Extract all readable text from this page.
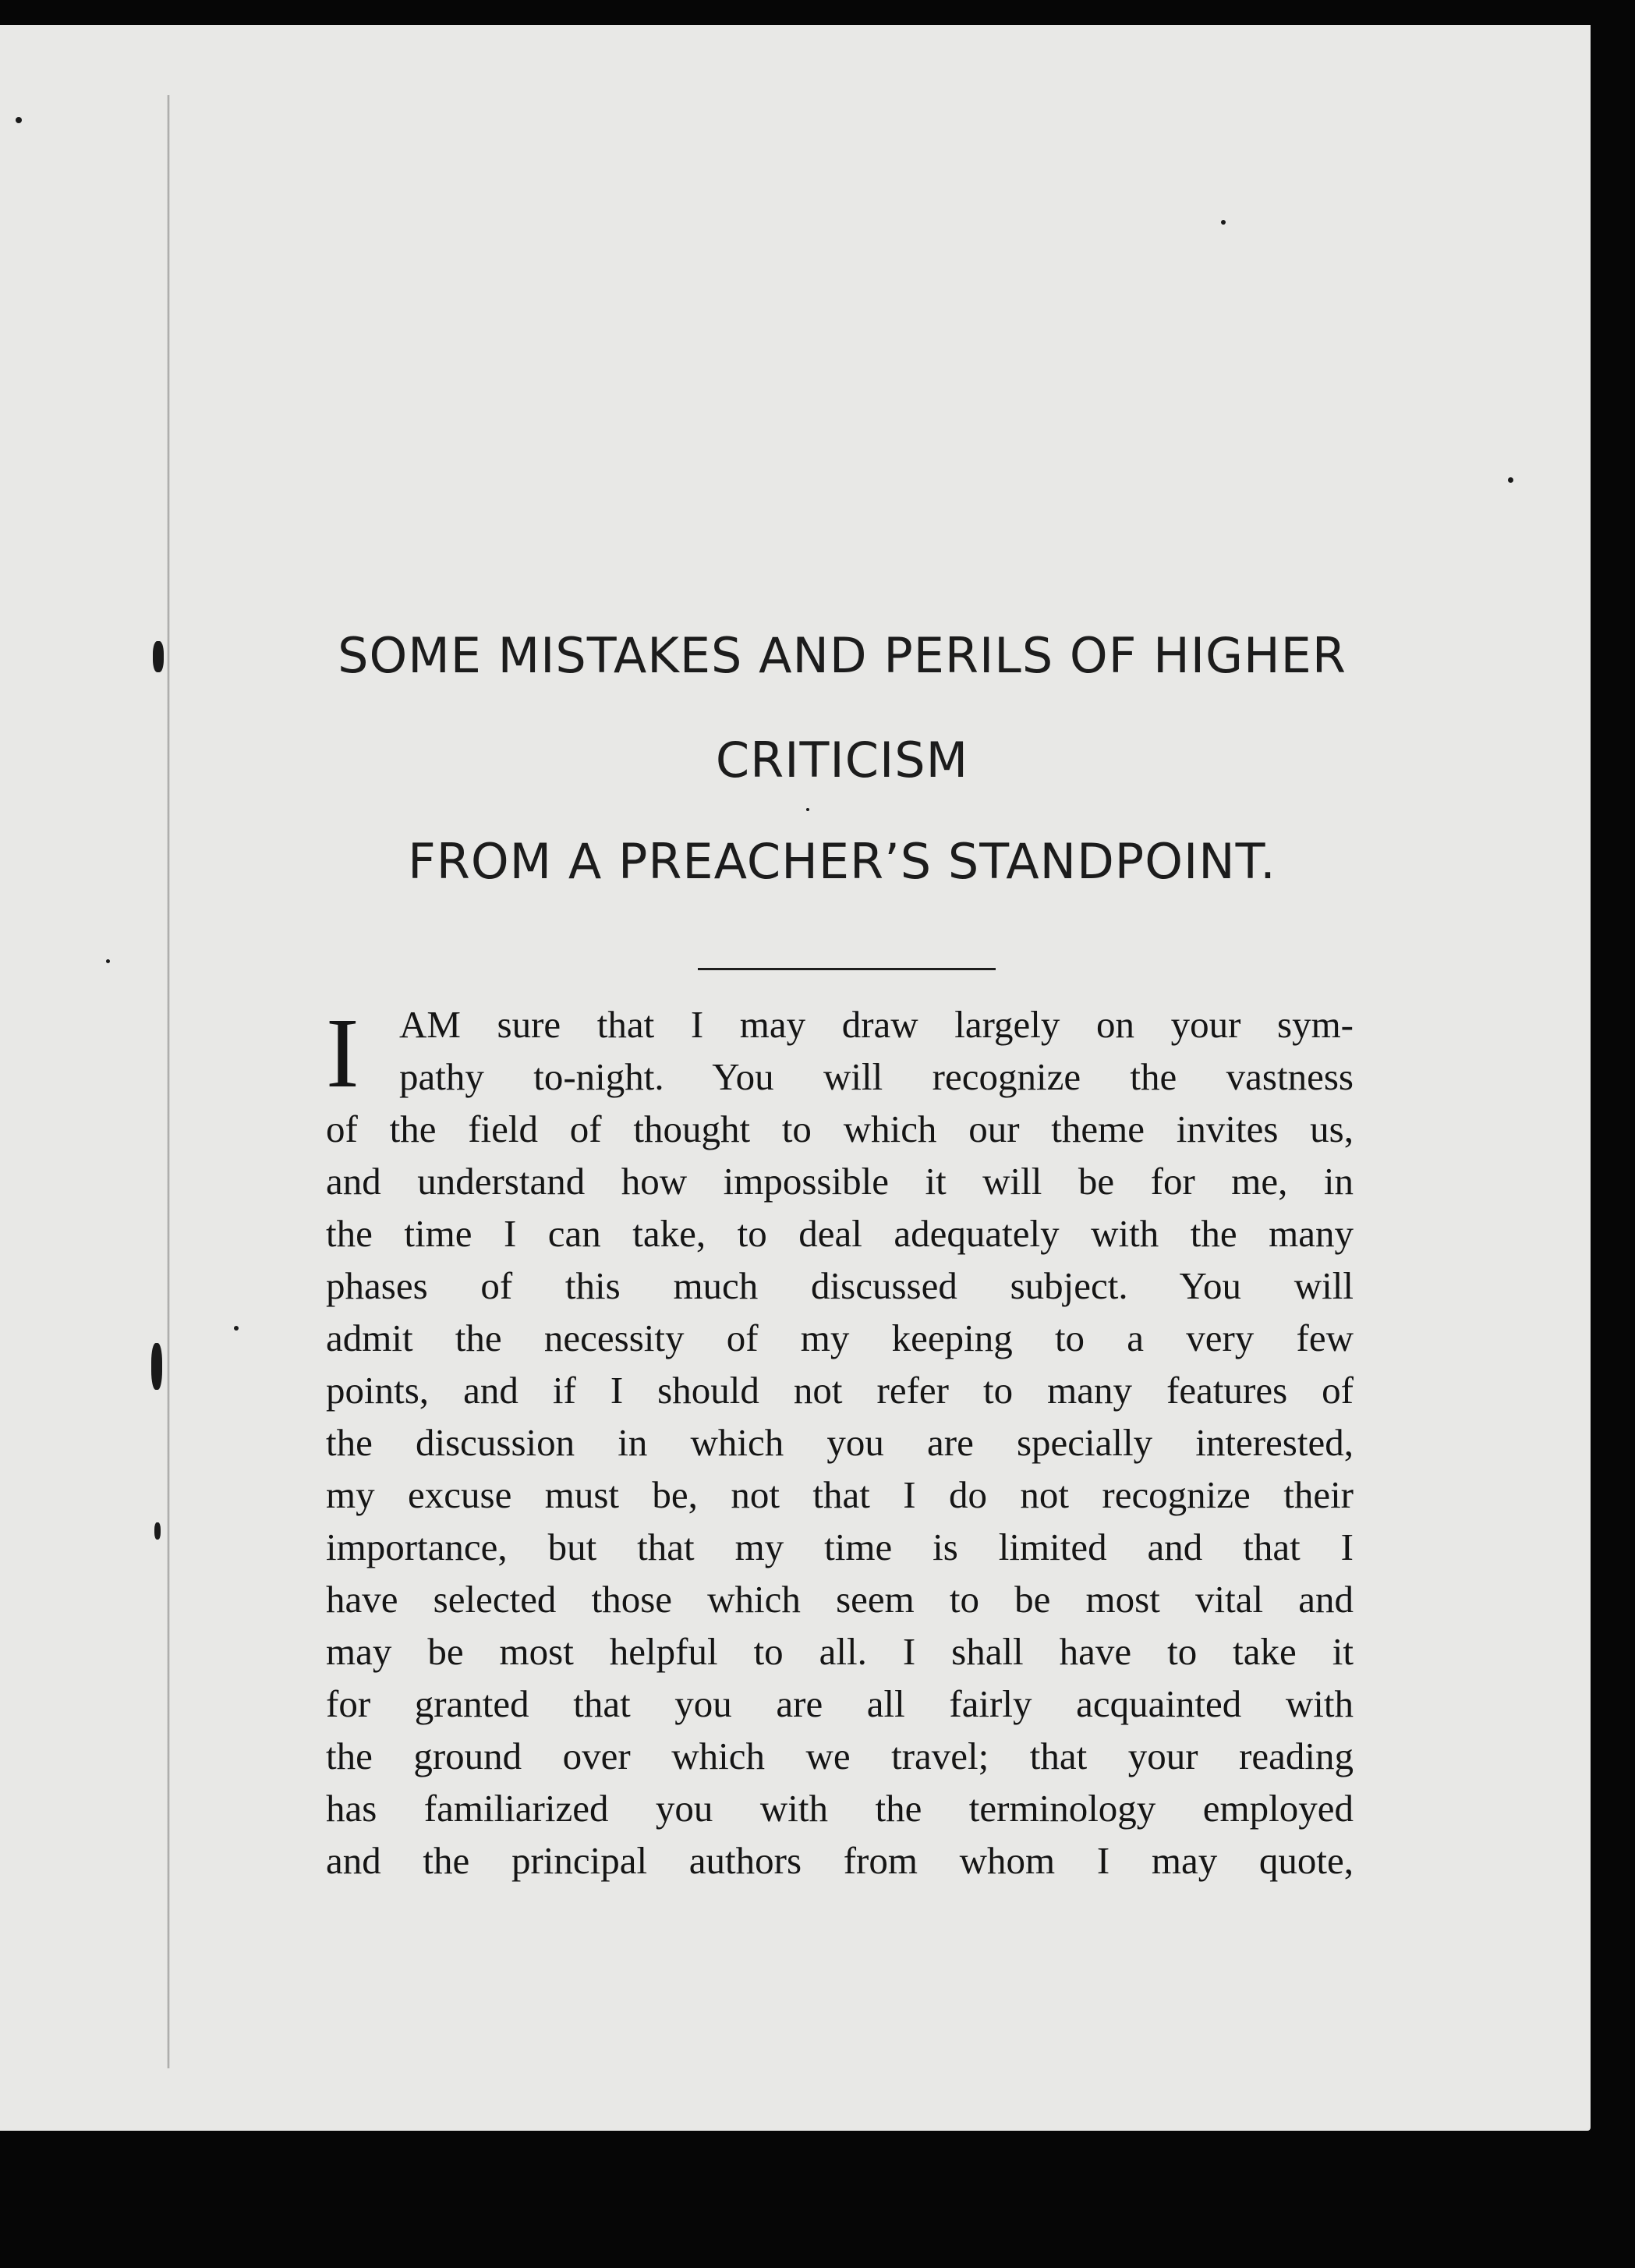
SOME MISTAKES AND PERILS OF HIGHER
CRITICISM
FROM A PREACHER’S STANDPOINT.
I	AM sure that I may draw largely on your sym-
pathy to-night. You will recognize the vastness
of the field of thought to which our theme invites us,
and understand how impossible it will be for me, in
the time I can take, to deal adequately with the many
phases of this much discussed subject. You will
admit the necessity of my keeping to a very few
points, and if I should not refer to many features of
the discussion in which you are specially interested,
my excuse must be, not that I do not recognize their
importance, but that my time is limited and that I
have selected those which seem to be most vital and
may be most helpful to all. I shall have to take it
for granted that you are all fairly acquainted with
the ground over which we travel; that your reading
has familiarized you with the terminology employed
and the principal authors from whom I may quote,
